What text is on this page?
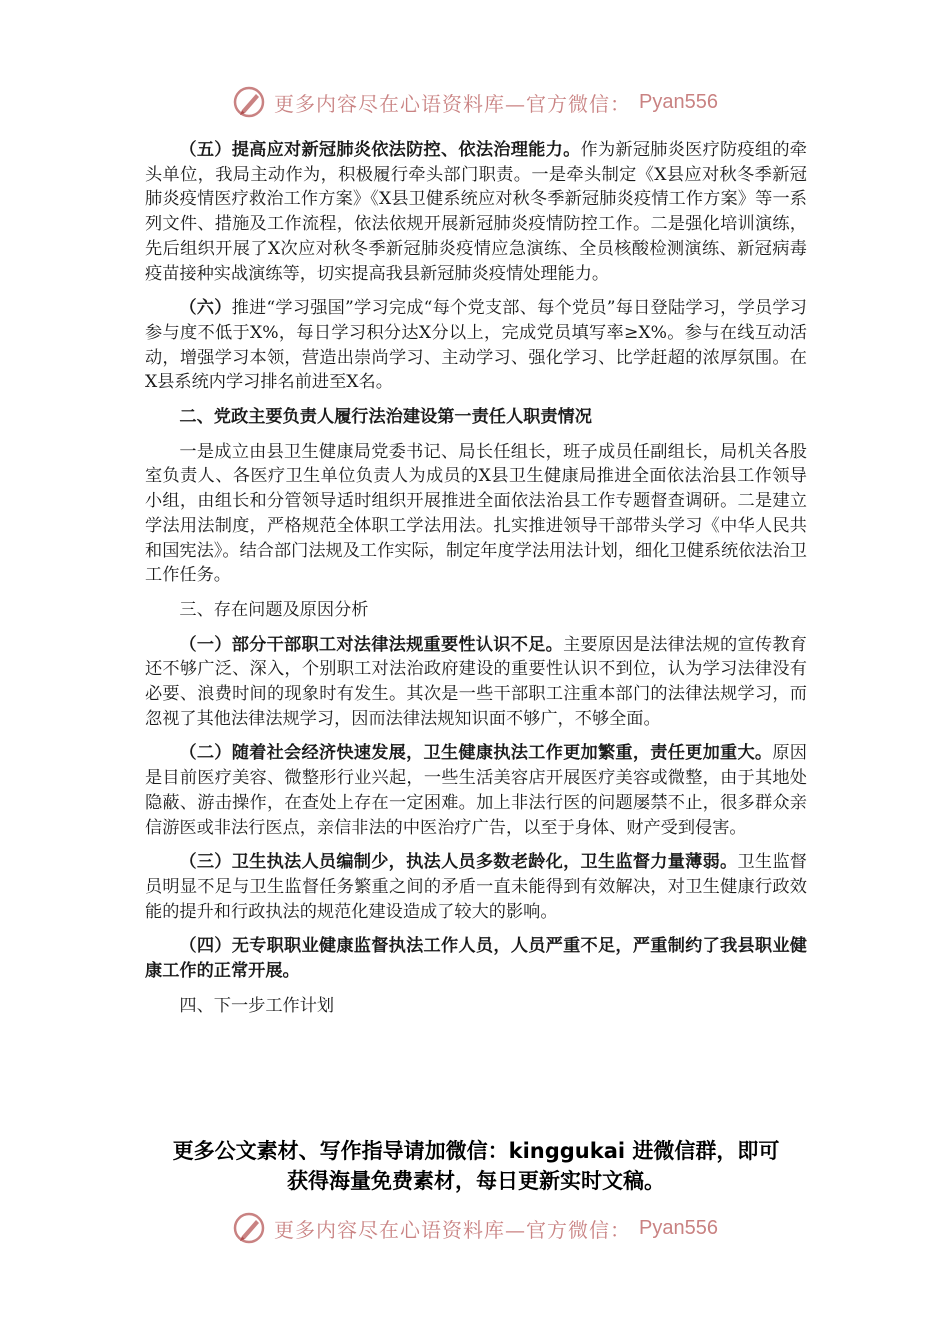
更多内容尽在心语资料库—官方微信： Pyan556

（五）提高应对新冠肺炎依法防控、依法治理能力。作为新冠肺炎医疗防疫组的牵头单位，我局主动作为，积极履行牵头部门职责。一是牵头制定《X县应对秋冬季新冠肺炎疫情医疗救治工作方案》《X县卫健系统应对秋冬季新冠肺炎疫情工作方案》等一系列文件、措施及工作流程，依法依规开展新冠肺炎疫情防控工作。二是强化培训演练，先后组织开展了X次应对秋冬季新冠肺炎疫情应急演练、全员核酸检测演练、新冠病毒疫苗接种实战演练等，切实提高我县新冠肺炎疫情处理能力。

（六）推进“学习强国”学习完成“每个党支部、每个党员”每日登陆学习，学员学习参与度不低于X%，每日学习积分达X分以上，完成党员填写率≥X%。参与在线互动活动，增强学习本领，营造出崇尚学习、主动学习、强化学习、比学赶超的浓厚氛围。在X县系统内学习排名前进至X名。

二、党政主要负责人履行法治建设第一责任人职责情况

一是成立由县卫生健康局党委书记、局长任组长，班子成员任副组长，局机关各股室负责人、各医疗卫生单位负责人为成员的X县卫生健康局推进全面依法治县工作领导小组，由组长和分管领导适时组织开展推进全面依法治县工作专题督查调研。二是建立学法用法制度，严格规范全体职工学法用法。扎实推进领导干部带头学习《中华人民共和国宪法》。结合部门法规及工作实际，制定年度学法用法计划，细化卫健系统依法治卫工作任务。

三、存在问题及原因分析

（一）部分干部职工对法律法规重要性认识不足。主要原因是法律法规的宣传教育还不够广泛、深入，个别职工对法治政府建设的重要性认识不到位，认为学习法律没有必要、浪费时间的现象时有发生。其次是一些干部职工注重本部门的法律法规学习，而忽视了其他法律法规学习，因而法律法规知识面不够广，不够全面。

（二）随着社会经济快速发展，卫生健康执法工作更加繁重，责任更加重大。原因是目前医疗美容、微整形行业兴起，一些生活美容店开展医疗美容或微整，由于其地处隐蔽、游击操作，在查处上存在一定困难。加上非法行医的问题屡禁不止，很多群众亲信游医或非法行医点，亲信非法的中医治疗广告，以至于身体、财产受到侵害。

（三）卫生执法人员编制少，执法人员多数老龄化，卫生监督力量薄弱。卫生监督员明显不足与卫生监督任务繁重之间的矛盾一直未能得到有效解决，对卫生健康行政效能的提升和行政执法的规范化建设造成了较大的影响。

（四）无专职职业健康监督执法工作人员，人员严重不足，严重制约了我县职业健康工作的正常开展。

四、下一步工作计划

更多公文素材、写作指导请加微信：kinggukai 进微信群，即可
获得海量免费素材，每日更新实时文稿。
更多内容尽在心语资料库—官方微信： Pyan556
